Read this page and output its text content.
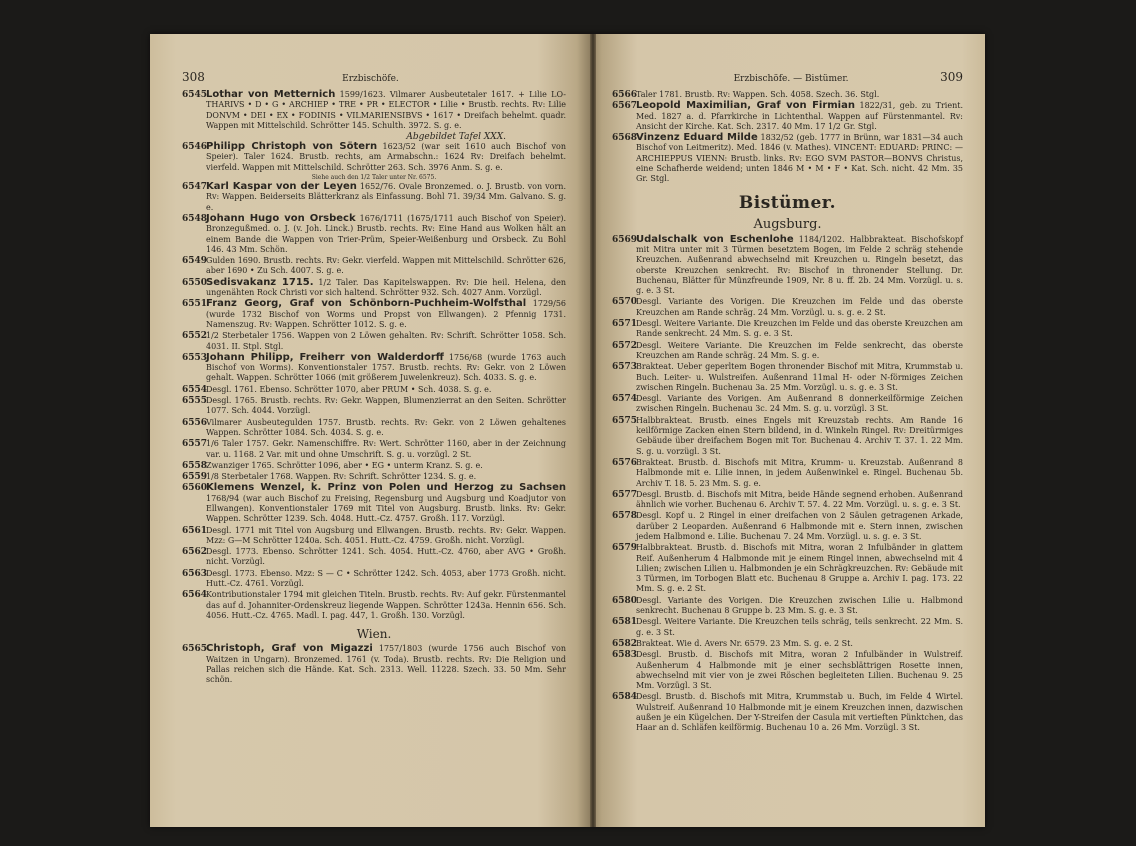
308	Erzbischöfe.

6545
Lothar von Metternich 1599/1623. Vilmarer Ausbeutetaler 1617. + Lilie LO-THARIVS • D • G • ARCHIEP • TRE • PR • ELECTOR • Lilie • Brustb. rechts. Rv: Lilie DONVM • DEI • EX • FODINIS • VILMARIENSIBVS • 1617 • Dreifach behelmt. quadr. Wappen mit Mittelschild. Schrötter 145. Schulth. 3972. S. g. e.

Abgebildet Tafel XXX.

6546
Philipp Christoph von Sötern 1623/52 (war seit 1610 auch Bischof von Speier). Taler 1624. Brustb. rechts, am Armabschn.: 1624 Rv: Dreifach behelmt. vierfeld. Wappen mit Mittelschild. Schrötter 263. Sch. 3976 Anm. S. g. e.

Siehe auch den 1/2 Taler unter Nr. 6575.

6547
Karl Kaspar von der Leyen 1652/76. Ovale Bronzemed. o. J. Brustb. von vorn. Rv: Wappen. Beiderseits Blätterkranz als Einfassung. Bohl 71. 39/34 Mm. Galvano. S. g. e.

6548
Johann Hugo von Orsbeck 1676/1711 (1675/1711 auch Bischof von Speier). Bronzegußmed. o. J. (v. Joh. Linck.) Brustb. rechts. Rv: Eine Hand aus Wolken hält an einem Bande die Wappen von Trier-Prüm, Speier-Weißenburg und Orsbeck. Zu Bohl 146. 43 Mm. Schön.

6549
Gulden 1690. Brustb. rechts. Rv: Gekr. vierfeld. Wappen mit Mittelschild. Schrötter 626, aber 1690 • Zu Sch. 4007. S. g. e.

6550
Sedisvakanz 1715. 1/2 Taler. Das Kapitelswappen. Rv: Die heil. Helena, den ungenähten Rock Christi vor sich haltend. Schrötter 932. Sch. 4027 Anm. Vorzügl.

6551
Franz Georg, Graf von Schönborn-Puchheim-Wolfsthal 1729/56 (wurde 1732 Bischof von Worms und Propst von Ellwangen). 2 Pfennig 1731. Namenszug. Rv: Wappen. Schrötter 1012. S. g. e.

6552
1/2 Sterbetaler 1756. Wappen von 2 Löwen gehalten. Rv: Schrift. Schrötter 1058. Sch. 4031. II. Stpl. Stgl.

6553
Johann Philipp, Freiherr von Walderdorff 1756/68 (wurde 1763 auch Bischof von Worms). Konventionstaler 1757. Brustb. rechts. Rv: Gekr. von 2 Löwen gehalt. Wappen. Schrötter 1066 (mit größerem Juwelenkreuz). Sch. 4033. S. g. e.

6554
Desgl. 1761. Ebenso. Schrötter 1070, aber PRUM • Sch. 4038. S. g. e.

6555
Desgl. 1765. Brustb. rechts. Rv: Gekr. Wappen, Blumenzierrat an den Seiten. Schrötter 1077. Sch. 4044. Vorzügl.

6556
Vilmarer Ausbeutegulden 1757. Brustb. rechts. Rv: Gekr. von 2 Löwen gehaltenes Wappen. Schrötter 1084. Sch. 4034. S. g. e.

6557
1/6 Taler 1757. Gekr. Namenschiffre. Rv: Wert. Schrötter 1160, aber in der Zeichnung var. u. 1168. 2 Var. mit und ohne Umschrift. S. g. u. vorzügl. 2 St.

6558
Zwanziger 1765. Schrötter 1096, aber • EG • unterm Kranz. S. g. e.

6559
1/8 Sterbetaler 1768. Wappen. Rv: Schrift. Schrötter 1234. S. g. e.

6560
Klemens Wenzel, k. Prinz von Polen und Herzog zu Sachsen 1768/94 (war auch Bischof zu Freising, Regensburg und Augsburg und Koadjutor von Ellwangen). Konventionstaler 1769 mit Titel von Augsburg. Brustb. links. Rv: Gekr. Wappen. Schrötter 1239. Sch. 4048. Hutt.-Cz. 4757. Großh. 117. Vorzügl.

6561
Desgl. 1771 mit Titel von Augsburg und Ellwangen. Brustb. rechts. Rv: Gekr. Wappen. Mzz: G—M Schrötter 1240a. Sch. 4051. Hutt.-Cz. 4759. Großh. nicht. Vorzügl.

6562
Desgl. 1773. Ebenso. Schrötter 1241. Sch. 4054. Hutt.-Cz. 4760, aber AVG • Großh. nicht. Vorzügl.

6563
Desgl. 1773. Ebenso. Mzz: S — C • Schrötter 1242. Sch. 4053, aber 1773 Großh. nicht. Hutt.-Cz. 4761. Vorzügl.

6564
Kontributionstaler 1794 mit gleichen Titeln. Brustb. rechts. Rv: Auf gekr. Fürstenmantel das auf d. Johanniter-Ordenskreuz liegende Wappen. Schrötter 1243a. Hennin 656. Sch. 4056. Hutt.-Cz. 4765. Madl. I. pag. 447, 1. Großh. 130. Vorzügl.

Wien.

6565
Christoph, Graf von Migazzi 1757/1803 (wurde 1756 auch Bischof von Waitzen in Ungarn). Bronzemed. 1761 (v. Toda). Brustb. rechts. Rv: Die Religion und Pallas reichen sich die Hände. Kat. Sch. 2313. Well. 11228. Szech. 33. 50 Mm. Sehr schön.

Erzbischöfe. — Bistümer.	309

6566
Taler 1781. Brustb. Rv: Wappen. Sch. 4058. Szech. 36. Stgl.

6567
Leopold Maximilian, Graf von Firmian 1822/31, geb. zu Trient. Med. 1827 a. d. Pfarrkirche in Lichtenthal. Wappen auf Fürstenmantel. Rv: Ansicht der Kirche. Kat. Sch. 2317. 40 Mm. 17 1/2 Gr. Stgl.

6568
Vinzenz Eduard Milde 1832/52 (geb. 1777 in Brünn, war 1831—34 auch Bischof von Leitmeritz). Med. 1846 (v. Mathes). VINCENT: EDUARD: PRINC: — ARCHIEPPUS VIENN: Brustb. links. Rv: EGO SVM PASTOR—BONVS Christus, eine Schafherde weidend; unten 1846 M • M • F • Kat. Sch. nicht. 42 Mm. 35 Gr. Stgl.

Bistümer.
Augsburg.

6569
Udalschalk von Eschenlohe 1184/1202. Halbbrakteat. Bischofskopf mit Mitra unter mit 3 Türmen besetztem Bogen, im Felde 2 schräg stehende Kreuzchen. Außenrand abwechselnd mit Kreuzchen u. Ringeln besetzt, das oberste Kreuzchen senkrecht. Rv: Bischof in thronender Stellung. Dr. Buchenau, Blätter für Münzfreunde 1909, Nr. 8 u. ff. 2b. 24 Mm. Vorzügl. u. s. g. e. 3 St.

6570
Desgl. Variante des Vorigen. Die Kreuzchen im Felde und das oberste Kreuzchen am Rande schräg. 24 Mm. Vorzügl. u. s. g. e. 2 St.

6571
Desgl. Weitere Variante. Die Kreuzchen im Felde und das oberste Kreuzchen am Rande senkrecht. 24 Mm. S. g. e. 3 St.

6572
Desgl. Weitere Variante. Die Kreuzchen im Felde senkrecht, das oberste Kreuzchen am Rande schräg. 24 Mm. S. g. e.

6573
Brakteat. Ueber geperltem Bogen thronender Bischof mit Mitra, Krummstab u. Buch. Leiter- u. Wulstreifen. Außenrand 11mal H- oder N-förmiges Zeichen zwischen Ringeln. Buchenau 3a. 25 Mm. Vorzügl. u. s. g. e. 3 St.

6574
Desgl. Variante des Vorigen. Am Außenrand 8 donnerkeilförmige Zeichen zwischen Ringeln. Buchenau 3c. 24 Mm. S. g. u. vorzügl. 3 St.

6575
Halbbrakteat. Brustb. eines Engels mit Kreuzstab rechts. Am Rande 16 keilförmige Zacken einen Stern bildend, in d. Winkeln Ringel. Rv: Dreitürmiges Gebäude über dreifachem Bogen mit Tor. Buchenau 4. Archiv T. 37. 1. 22 Mm. S. g. u. vorzügl. 3 St.

6576
Brakteat. Brustb. d. Bischofs mit Mitra, Krumm- u. Kreuzstab. Außenrand 8 Halbmonde mit e. Lilie innen, in jedem Außenwinkel e. Ringel. Buchenau 5b. Archiv T. 18. 5. 23 Mm. S. g. e.

6577
Desgl. Brustb. d. Bischofs mit Mitra, beide Hände segnend erhoben. Außenrand ähnlich wie vorher. Buchenau 6. Archiv T. 57. 4. 22 Mm. Vorzügl. u. s. g. e. 3 St.

6578
Desgl. Kopf u. 2 Ringel in einer dreifachen von 2 Säulen getragenen Arkade, darüber 2 Leoparden. Außenrand 6 Halbmonde mit e. Stern innen, zwischen jedem Halbmond e. Lilie. Buchenau 7. 24 Mm. Vorzügl. u. s. g. e. 3 St.

6579
Halbbrakteat. Brustb. d. Bischofs mit Mitra, woran 2 Infulbänder in glattem Reif. Außenherum 4 Halbmonde mit je einem Ringel innen, abwechselnd mit 4 Lilien; zwischen Lilien u. Halbmonden je ein Schrägkreuzchen. Rv: Gebäude mit 3 Türmen, im Torbogen Blatt etc. Buchenau 8 Gruppe a. Archiv I. pag. 173. 22 Mm. S. g. e. 2 St.

6580
Desgl. Variante des Vorigen. Die Kreuzchen zwischen Lilie u. Halbmond senkrecht. Buchenau 8 Gruppe b. 23 Mm. S. g. e. 3 St.

6581
Desgl. Weitere Variante. Die Kreuzchen teils schräg, teils senkrecht. 22 Mm. S. g. e. 3 St.

6582
Brakteat. Wie d. Avers Nr. 6579. 23 Mm. S. g. e. 2 St.

6583
Desgl. Brustb. d. Bischofs mit Mitra, woran 2 Infulbänder in Wulstreif. Außenherum 4 Halbmonde mit je einer sechsblättrigen Rosette innen, abwechselnd mit vier von je zwei Röschen begleiteten Lilien. Buchenau 9. 25 Mm. Vorzügl. 3 St.

6584
Desgl. Brustb. d. Bischofs mit Mitra, Krummstab u. Buch, im Felde 4 Wirtel. Wulstreif. Außenrand 10 Halbmonde mit je einem Kreuzchen innen, dazwischen außen je ein Kügelchen. Der Y-Streifen der Casula mit vertieften Pünktchen, das Haar an d. Schläfen keilförmig. Buchenau 10 a. 26 Mm. Vorzügl. 3 St.
